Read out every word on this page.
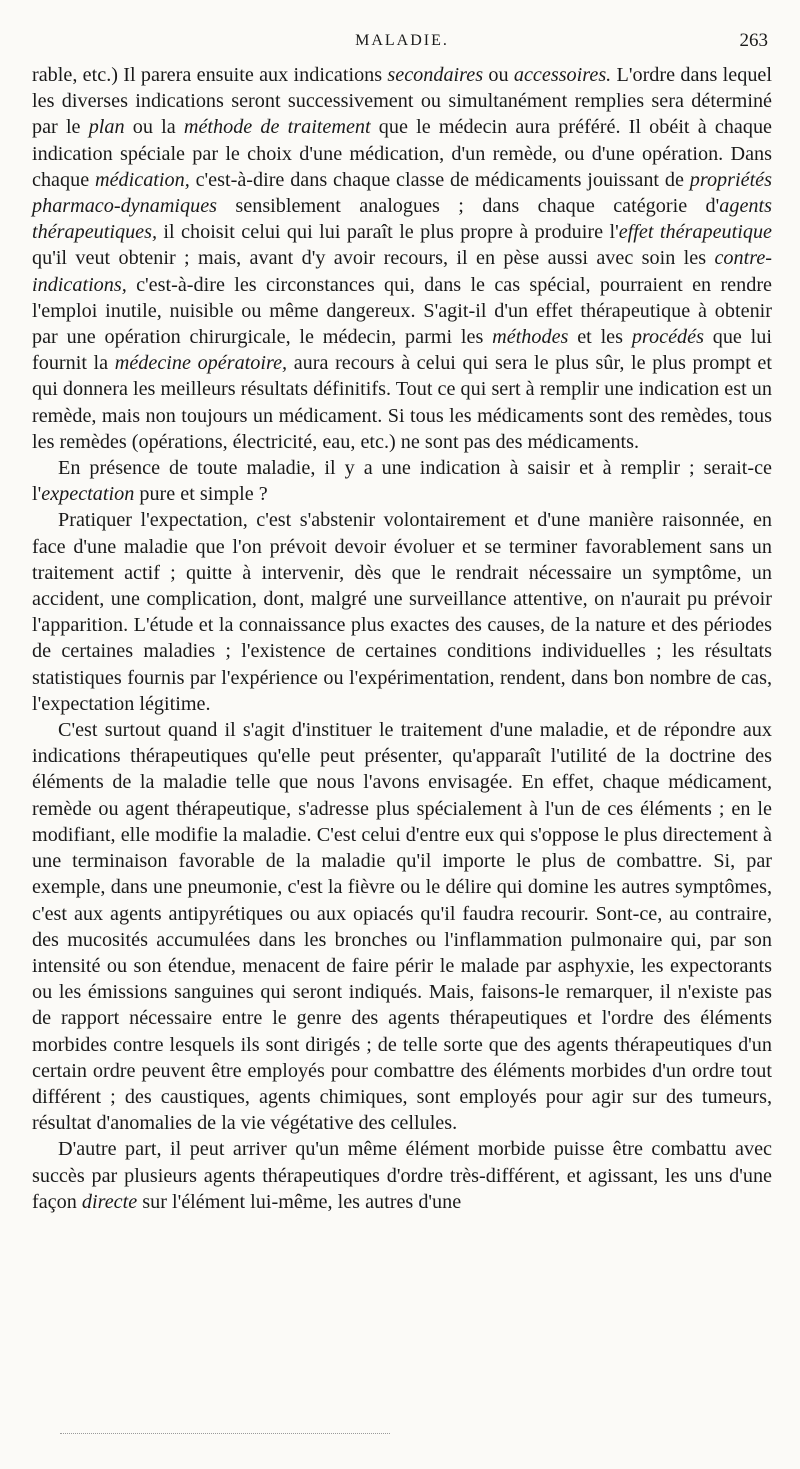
MALADIE.	263

rable, etc.) Il parera ensuite aux indications secondaires ou accessoires. L'ordre dans lequel les diverses indications seront successivement ou simultanément remplies sera déterminé par le plan ou la méthode de traitement que le médecin aura préféré. Il obéit à chaque indication spéciale par le choix d'une médication, d'un remède, ou d'une opération. Dans chaque médication, c'est-à-dire dans chaque classe de médicaments jouissant de propriétés pharmaco-dynamiques sensiblement analogues ; dans chaque catégorie d'agents thérapeutiques, il choisit celui qui lui paraît le plus propre à produire l'effet thérapeutique qu'il veut obtenir ; mais, avant d'y avoir recours, il en pèse aussi avec soin les contre-indications, c'est-à-dire les circonstances qui, dans le cas spécial, pourraient en rendre l'emploi inutile, nuisible ou même dangereux. S'agit-il d'un effet thérapeutique à obtenir par une opération chirurgicale, le médecin, parmi les méthodes et les procédés que lui fournit la médecine opératoire, aura recours à celui qui sera le plus sûr, le plus prompt et qui donnera les meilleurs résultats définitifs. Tout ce qui sert à remplir une indication est un remède, mais non toujours un médicament. Si tous les médicaments sont des remèdes, tous les remèdes (opérations, électricité, eau, etc.) ne sont pas des médicaments.

En présence de toute maladie, il y a une indication à saisir et à remplir ; serait-ce l'expectation pure et simple ?

Pratiquer l'expectation, c'est s'abstenir volontairement et d'une manière raisonnée, en face d'une maladie que l'on prévoit devoir évoluer et se terminer favorablement sans un traitement actif ; quitte à intervenir, dès que le rendrait nécessaire un symptôme, un accident, une complication, dont, malgré une surveillance attentive, on n'aurait pu prévoir l'apparition. L'étude et la connaissance plus exactes des causes, de la nature et des périodes de certaines maladies ; l'existence de certaines conditions individuelles ; les résultats statistiques fournis par l'expérience ou l'expérimentation, rendent, dans bon nombre de cas, l'expectation légitime.

C'est surtout quand il s'agit d'instituer le traitement d'une maladie, et de répondre aux indications thérapeutiques qu'elle peut présenter, qu'apparaît l'utilité de la doctrine des éléments de la maladie telle que nous l'avons envisagée. En effet, chaque médicament, remède ou agent thérapeutique, s'adresse plus spécialement à l'un de ces éléments ; en le modifiant, elle modifie la maladie. C'est celui d'entre eux qui s'oppose le plus directement à une terminaison favorable de la maladie qu'il importe le plus de combattre. Si, par exemple, dans une pneumonie, c'est la fièvre ou le délire qui domine les autres symptômes, c'est aux agents antipyrétiques ou aux opiacés qu'il faudra recourir. Sont-ce, au contraire, des mucosités accumulées dans les bronches ou l'inflammation pulmonaire qui, par son intensité ou son étendue, menacent de faire périr le malade par asphyxie, les expectorants ou les émissions sanguines qui seront indiqués. Mais, faisons-le remarquer, il n'existe pas de rapport nécessaire entre le genre des agents thérapeutiques et l'ordre des éléments morbides contre lesquels ils sont dirigés ; de telle sorte que des agents thérapeutiques d'un certain ordre peuvent être employés pour combattre des éléments morbides d'un ordre tout différent ; des caustiques, agents chimiques, sont employés pour agir sur des tumeurs, résultat d'anomalies de la vie végétative des cellules.

D'autre part, il peut arriver qu'un même élément morbide puisse être combattu avec succès par plusieurs agents thérapeutiques d'ordre très-différent, et agissant, les uns d'une façon directe sur l'élément lui-même, les autres d'une
